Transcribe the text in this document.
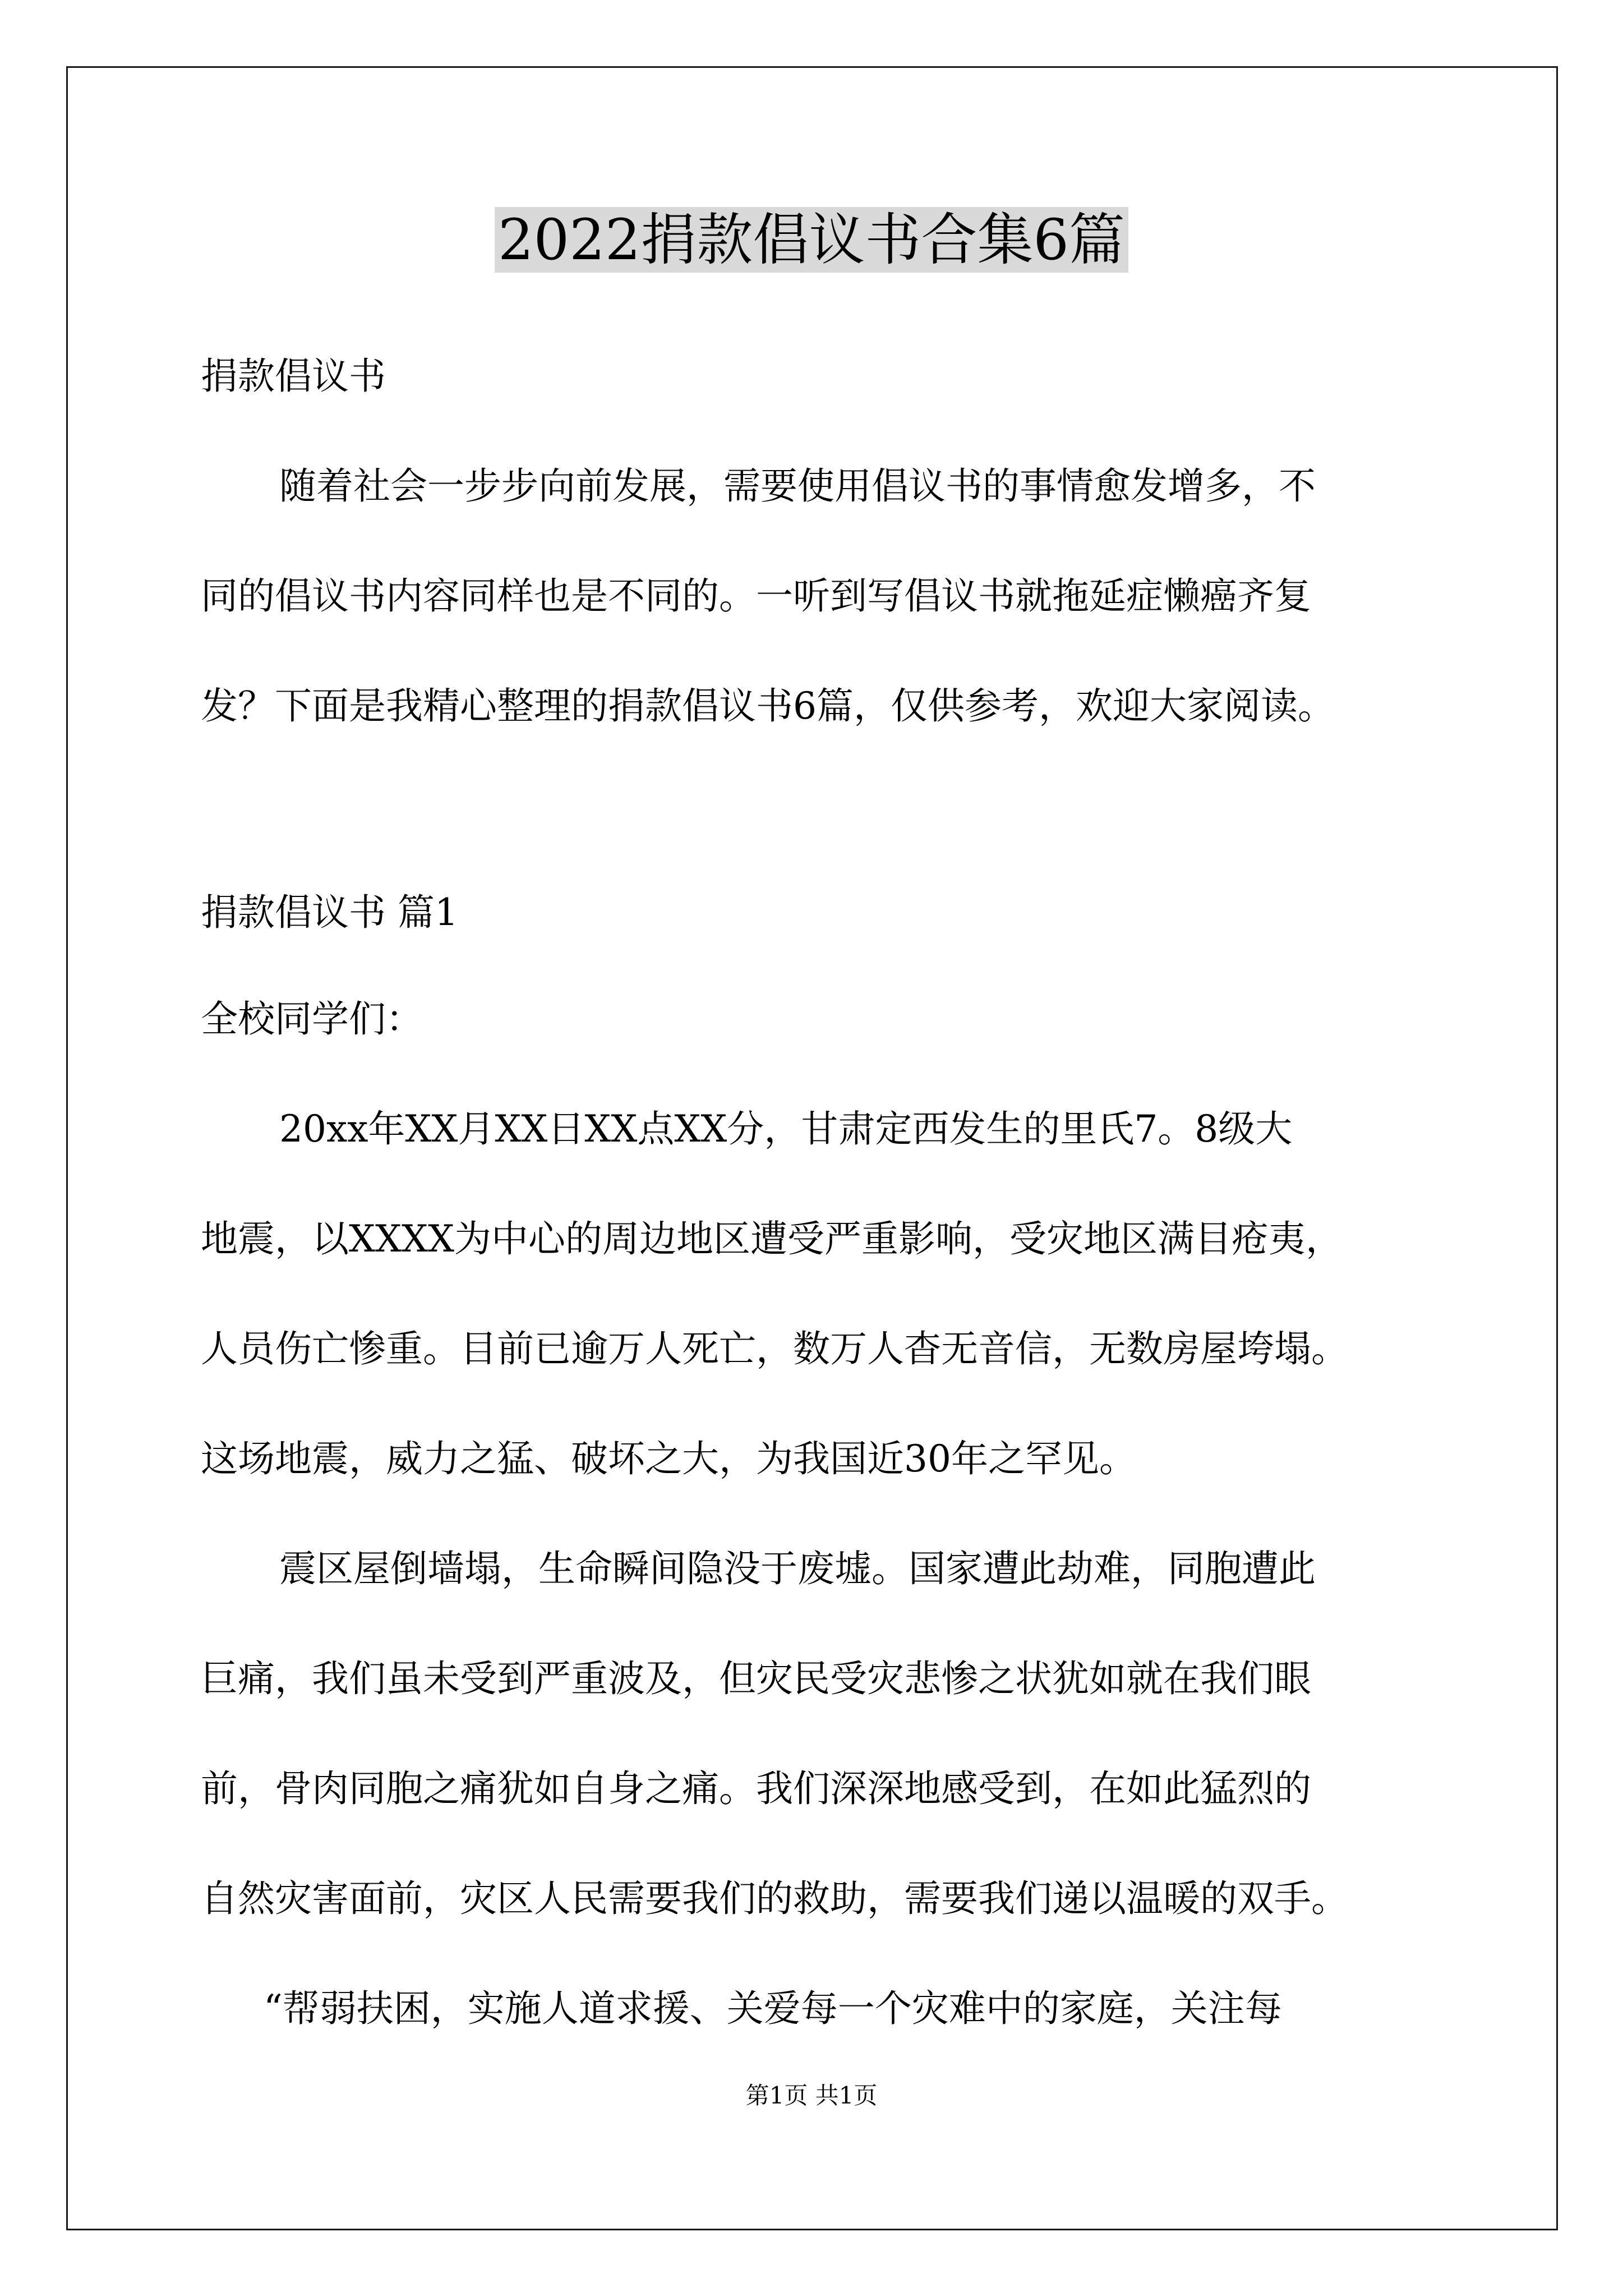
2022捐款倡议书合集6篇

捐款倡议书

随着社会一步步向前发展，需要使用倡议书的事情愈发增多，不

同的倡议书内容同样也是不同的。一听到写倡议书就拖延症懒癌齐复

发？下面是我精心整理的捐款倡议书6篇，仅供参考，欢迎大家阅读。

捐款倡议书 篇1

全校同学们：

20xx年XX月XX日XX点XX分，甘肃定西发生的里氏7。8级大

地震，以XXXX为中心的周边地区遭受严重影响，受灾地区满目疮夷，

人员伤亡惨重。目前已逾万人死亡，数万人杳无音信，无数房屋垮塌。

这场地震，威力之猛、破坏之大，为我国近30年之罕见。

震区屋倒墙塌，生命瞬间隐没于废墟。国家遭此劫难，同胞遭此

巨痛，我们虽未受到严重波及，但灾民受灾悲惨之状犹如就在我们眼

前，骨肉同胞之痛犹如自身之痛。我们深深地感受到，在如此猛烈的

自然灾害面前，灾区人民需要我们的救助，需要我们递以温暖的双手。

“帮弱扶困，实施人道求援、关爱每一个灾难中的家庭，关注每

第1页 共1页
